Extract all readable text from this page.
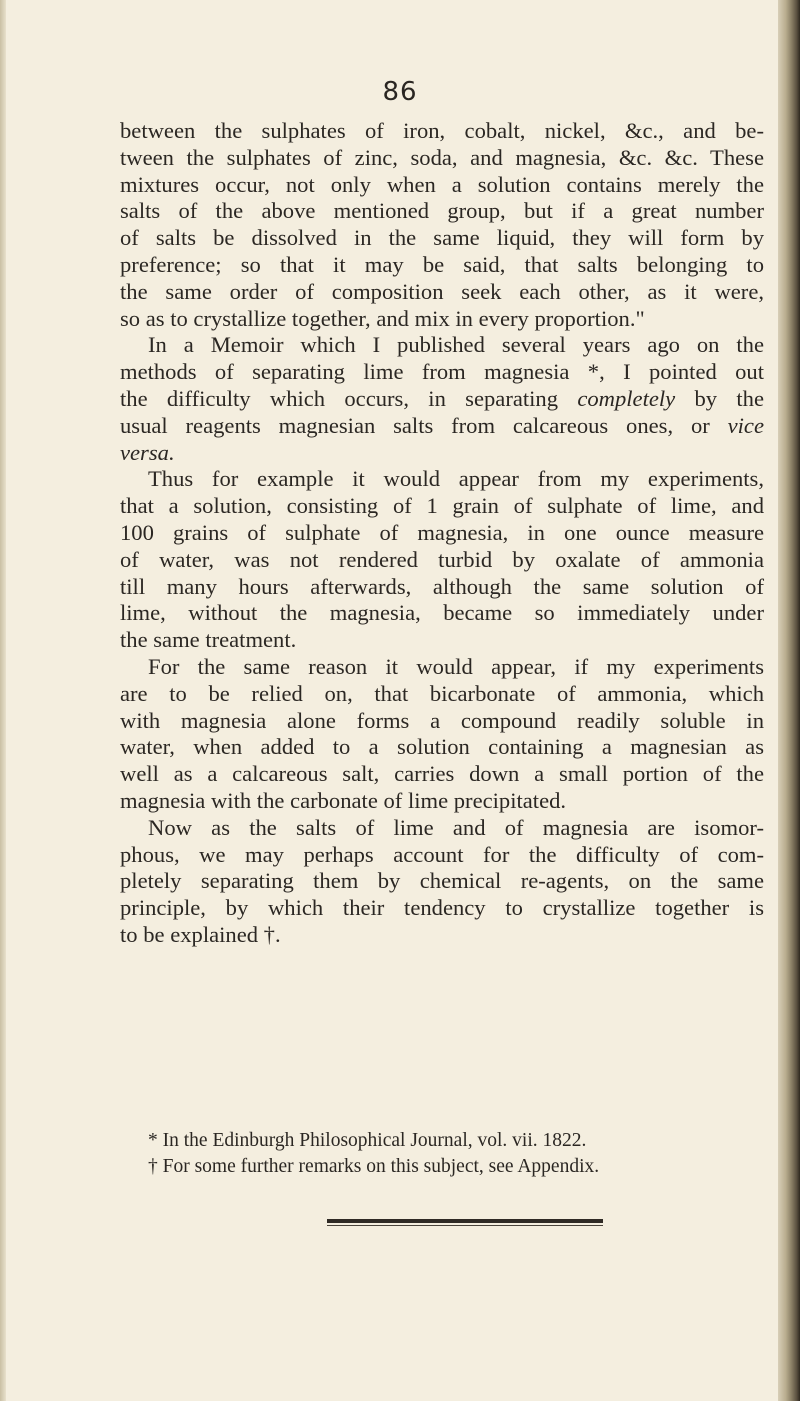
86
between the sulphates of iron, cobalt, nickel, &c., and be-
tween the sulphates of zinc, soda, and magnesia, &c. &c. These
mixtures occur, not only when a solution contains merely the
salts of the above mentioned group, but if a great number
of salts be dissolved in the same liquid, they will form by
preference; so that it may be said, that salts belonging to
the same order of composition seek each other, as it were,
so as to crystallize together, and mix in every proportion."
In a Memoir which I published several years ago on the
methods of separating lime from magnesia *, I pointed out
the difficulty which occurs, in separating completely by the
usual reagents magnesian salts from calcareous ones, or vice
versa.
Thus for example it would appear from my experiments,
that a solution, consisting of 1 grain of sulphate of lime, and
100 grains of sulphate of magnesia, in one ounce measure
of water, was not rendered turbid by oxalate of ammonia
till many hours afterwards, although the same solution of
lime, without the magnesia, became so immediately under
the same treatment.
For the same reason it would appear, if my experiments
are to be relied on, that bicarbonate of ammonia, which
with magnesia alone forms a compound readily soluble in
water, when added to a solution containing a magnesian as
well as a calcareous salt, carries down a small portion of the
magnesia with the carbonate of lime precipitated.
Now as the salts of lime and of magnesia are isomor-
phous, we may perhaps account for the difficulty of com-
pletely separating them by chemical re-agents, on the same
principle, by which their tendency to crystallize together is
to be explained †.
* In the Edinburgh Philosophical Journal, vol. vii. 1822.
† For some further remarks on this subject, see Appendix.
